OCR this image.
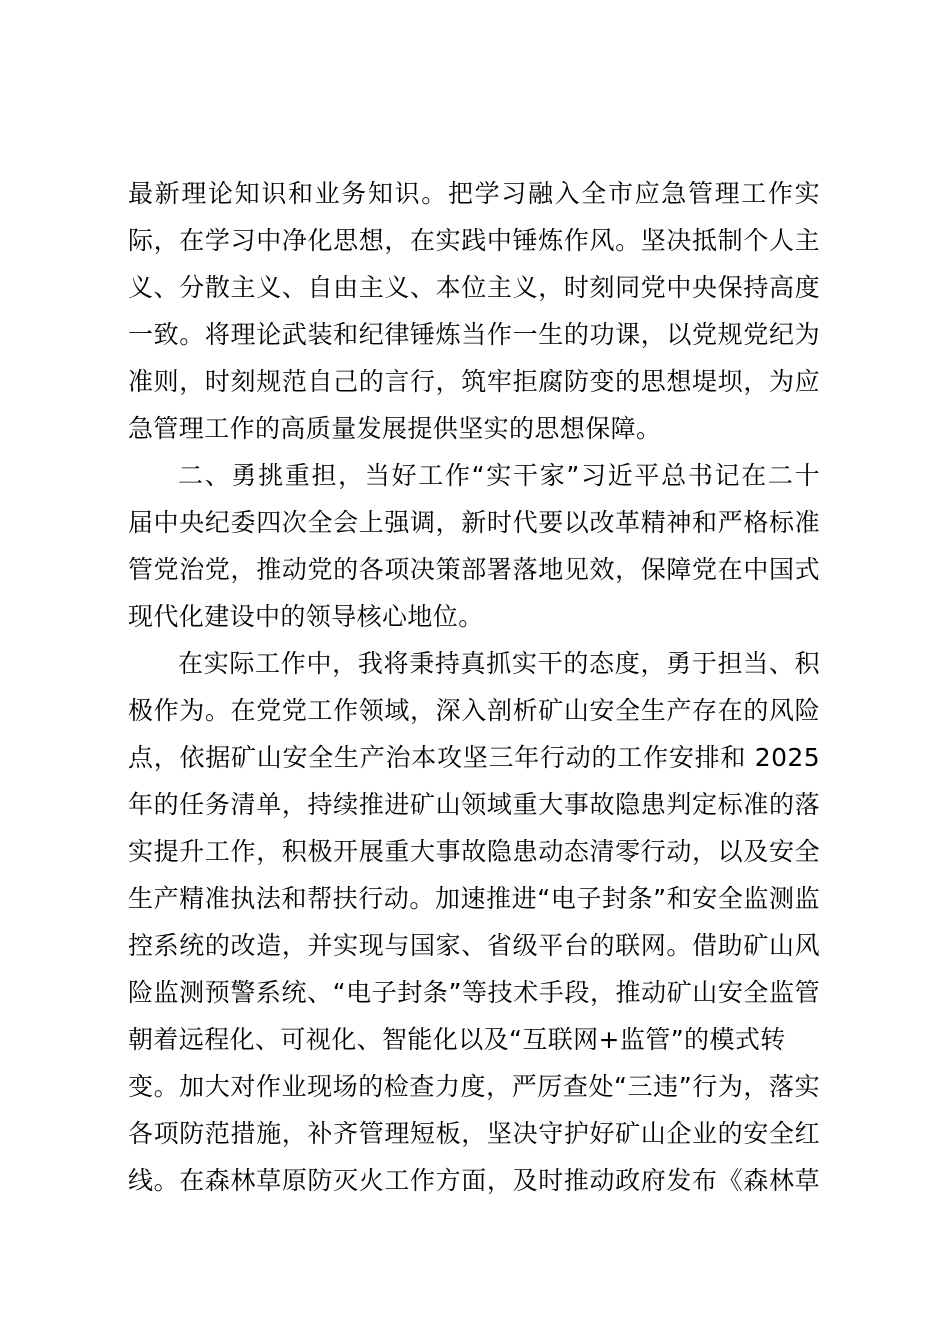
最新理论知识和业务知识。把学习融入全市应急管理工作实
际，在学习中净化思想，在实践中锤炼作风。坚决抵制个人主
义、分散主义、自由主义、本位主义，时刻同党中央保持高度
一致。将理论武装和纪律锤炼当作一生的功课，以党规党纪为
准则，时刻规范自己的言行，筑牢拒腐防变的思想堤坝，为应
急管理工作的高质量发展提供坚实的思想保障。
二、勇挑重担，当好工作“实干家”习近平总书记在二十
届中央纪委四次全会上强调，新时代要以改革精神和严格标准
管党治党，推动党的各项决策部署落地见效，保障党在中国式
现代化建设中的领导核心地位。
在实际工作中，我将秉持真抓实干的态度，勇于担当、积
极作为。在党党工作领域，深入剖析矿山安全生产存在的风险
点，依据矿山安全生产治本攻坚三年行动的工作安排和 2025
年的任务清单，持续推进矿山领域重大事故隐患判定标准的落
实提升工作，积极开展重大事故隐患动态清零行动，以及安全
生产精准执法和帮扶行动。加速推进“电子封条”和安全监测监
控系统的改造，并实现与国家、省级平台的联网。借助矿山风
险监测预警系统、“电子封条”等技术手段，推动矿山安全监管
朝着远程化、可视化、智能化以及“互联网+监管”的模式转
变。加大对作业现场的检查力度，严厉查处“三违”行为，落实
各项防范措施，补齐管理短板，坚决守护好矿山企业的安全红
线。在森林草原防灭火工作方面，及时推动政府发布《森林草
